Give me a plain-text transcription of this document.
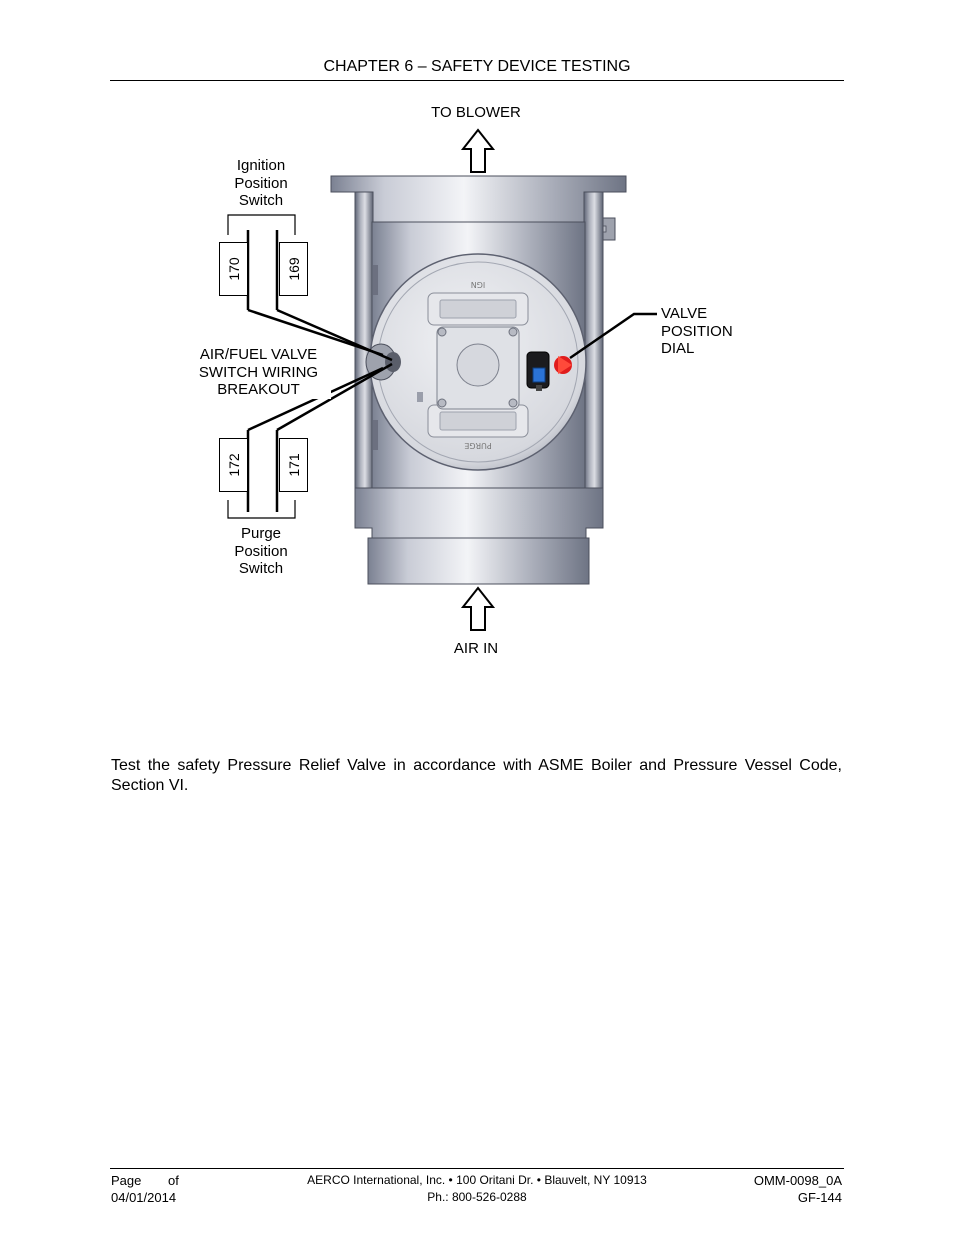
CHAPTER 6 – SAFETY DEVICE TESTING
IGN
PURGE
170	169
172	171
TO BLOWER
AIR IN
Ignition
Position
Switch
Purge
Position
Switch
AIR/FUEL VALVE
SWITCH WIRING
BREAKOUT
VALVE
POSITION
DIAL
Test the safety Pressure Relief Valve in accordance with ASME Boiler and Pressure Vessel Code, Section VI.
Page of
04/01/2014
AERCO International, Inc. • 100 Oritani Dr. • Blauvelt, NY 10913
Ph.: 800-526-0288
OMM-0098_0A
GF-144
